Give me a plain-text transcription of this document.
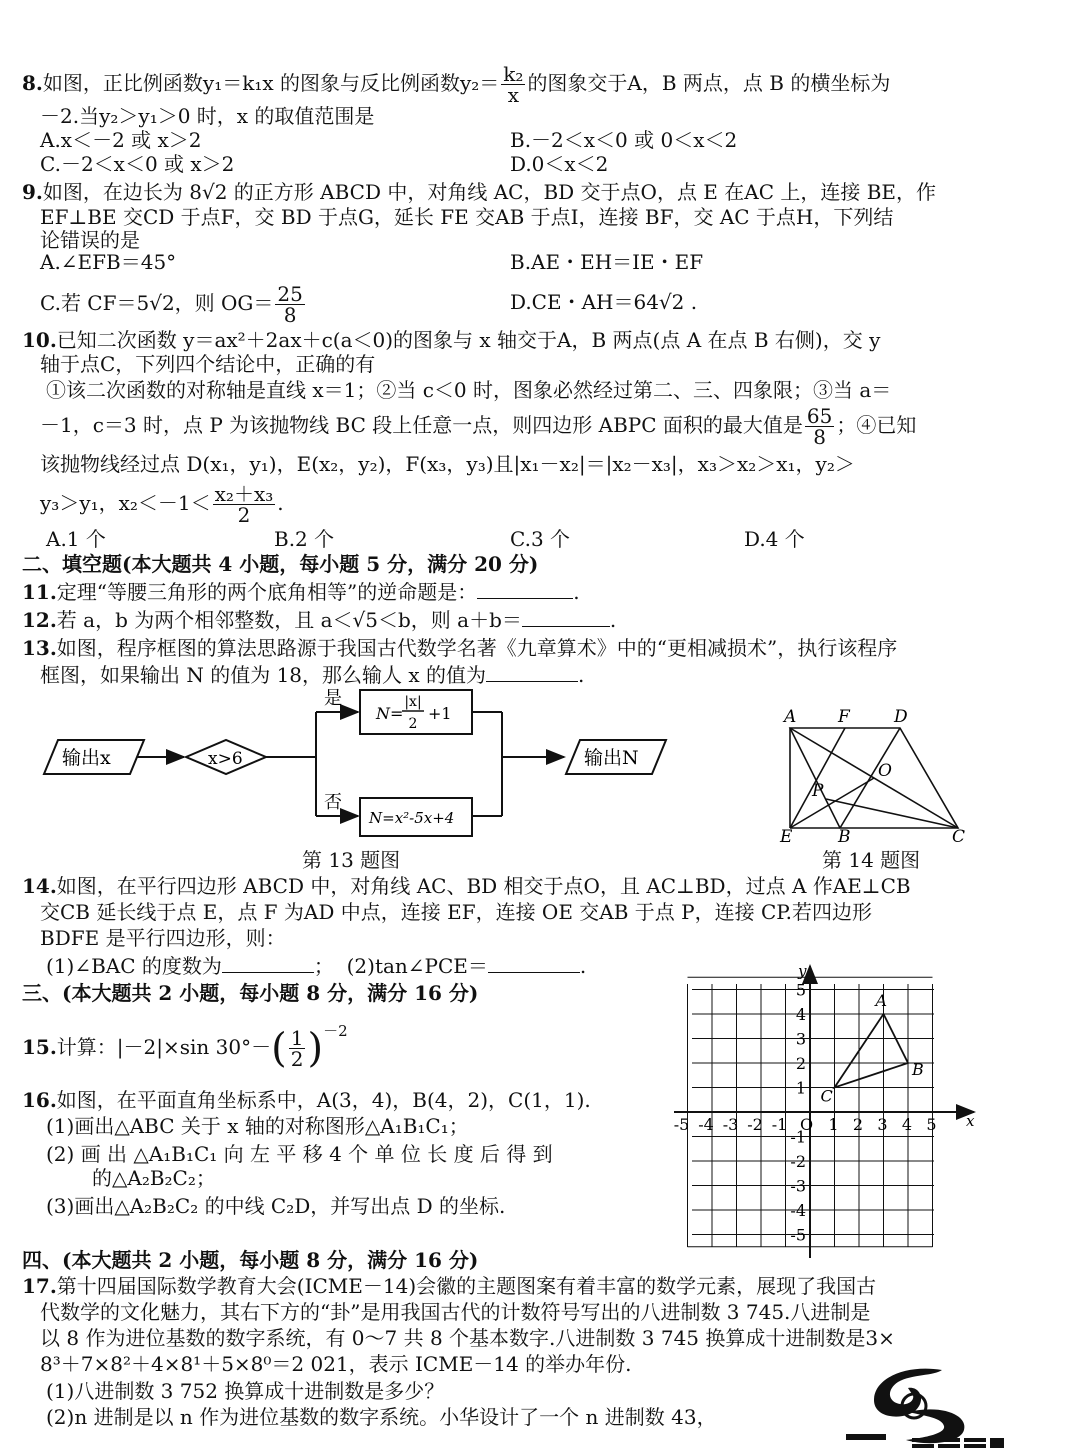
8.如图，正比例函数y₁＝k₁x 的图象与反比例函数$y_2= \frac{\text{k₂}}{x}$ 的图象交于A，B 两点，点 B 的横坐标为
－2.当y₂＞y₁＞0 时，x 的取值范围是
A.x＜－2 或 x＞2	B.－2＜x＜0 或 0＜x＜2
C.－2＜x＜0 或 x＞2	D.0＜x＜2
9.如图，在边长为 8√2 的正方形 ABCD 中，对角线 AC，BD 交于点O，点 E 在AC 上，连接 BE，作
EF⊥BE 交CD 于点F，交 BD 于点G，延长 FE 交AB 于点I，连接 BF，交 AC 于点H，下列结
论错误的是
A.∠EFB＝45°	B.AE・EH＝IE・EF
C.若 CF＝5√2，则 $OG= \frac{25}{8}$	D.CE・AH＝64√2 .
10.已知二次函数 y＝ax²＋2ax＋c(a＜0)的图象与 x 轴交于A，B 两点(点 A 在点 B 右侧)，交 y
轴于点C，下列四个结论中，正确的有
①该二次函数的对称轴是直线 x＝1；②当 c＜0 时，图象必然经过第二、三、四象限；③当 a＝
－1，c＝3 时，点 P 为该抛物线 BC 段上任意一点，则四边形 ABPC 面积的最大值是 $\frac{65}{8}$ ；④已知
该抛物线经过点 D(x₁，y₁)，E(x₂，y₂)，F(x₃，y₃)且|x₁－x₂|＝|x₂－x₃|，x₃＞x₂＞x₁，y₂＞
y₃＞y₁，$x_2<-1< \frac{\text{x₂＋x₃}}{2}$ .
A.1 个	B.2 个	C.3 个	D.4 个
二、填空题(本大题共 4 小题，每小题 5 分，满分 20 分)
11.定理“等腰三角形的两个底角相等”的逆命题是：	.
12.若 a，b 为两个相邻整数，且 a＜√5＜b，则 a＋b＝	.
13.如图，程序框图的算法思路源于我国古代数学名著《九章算术》中的“更相减损术”，执行该程序
框图，如果输出 N 的值为 18，那么输人 x 的值为	.
输出x	x>6
是
否
N=
|x|
2
+1
N=x²-5x+4
输出N
第 13 题图
A F	D
O
P
E	B	C
第 14 题图
14.如图，在平行四边形 ABCD 中，对角线 AC、BD 相交于点O，且 AC⊥BD，过点 A 作AE⊥CB
交CB 延长线于点 E，点 F 为AD 中点，连接 EF，连接 OE 交AB 于点 P，连接 CP.若四边形
BDFE 是平行四边形，则：
(1)∠BAC 的度数为	； (2)tan∠PCE＝	.
三、(本大题共 2 小题，每小题 8 分，满分 16 分)
15.计算：|－2|×sin $30^\circ-( \frac{1}{2} )^{-2}$
16.如图，在平面直角坐标系中，A(3，4)，B(4，2)，C(1，1).
(1)画出△ABC 关于 x 轴的对称图形△A₁B₁C₁；
(2) 画 出 △A₁B₁C₁ 向 左 平 移 4 个 单 位 长 度 后 得 到
的△A₂B₂C₂；
(3)画出△A₂B₂C₂ 的中线 C₂D，并写出点 D 的坐标.
x
y
O
-5 -4 -3 -2 -1	1 2 3 4 5
5
4
3
2
1
-1
-2
-3
-4
-5
A
B
C
四、(本大题共 2 小题，每小题 8 分，满分 16 分)
17.第十四届国际数学教育大会(ICME－14)会徽的主题图案有着丰富的数学元素，展现了我国古
代数学的文化魅力，其右下方的“卦”是用我国古代的计数符号写出的八进制数 3 745.八进制是
以 8 作为进位基数的数字系统，有 0～7 共 8 个基本数字.八进制数 3 745 换算成十进制数是3×
8³＋7×8²＋4×8¹＋5×8⁰＝2 021，表示 ICME－14 的举办年份.
(1)八进制数 3 752 换算成十进制数是多少？
(2)n 进制是以 n 作为进位基数的数字系统。小华设计了一个 n 进制数 43，
